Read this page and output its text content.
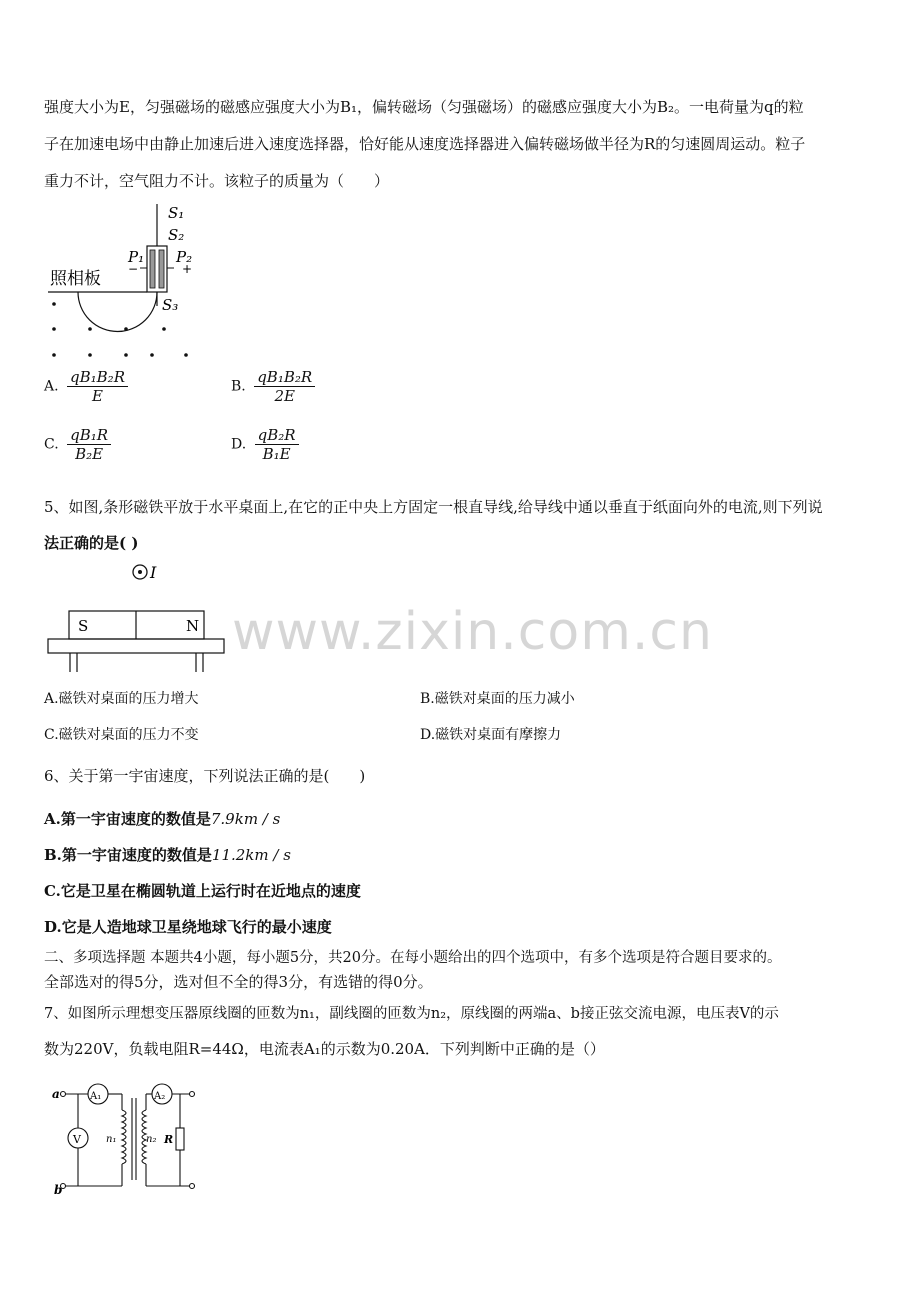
强度大小为E，匀强磁场的磁感应强度大小为B₁，偏转磁场（匀强磁场）的磁感应强度大小为B₂。一电荷量为q的粒
子在加速电场中由静止加速后进入速度选择器，恰好能从速度选择器进入偏转磁场做半径为R的匀速圆周运动。粒子
重力不计，空气阻力不计。该粒子的质量为（　　）
S₁
S₂
S₃
P₁ P₂
−	+
照相板
A. $\frac{\text{qB₁B₂R}}{E}$	B. $\frac{\text{qB₁B₂R}}{2E}$
C. $\frac{\text{qB₁R}}{\text{B₂E}}$	D. $\frac{\text{qB₂R}}{\text{B₁E}}$
5、如图,条形磁铁平放于水平桌面上,在它的正中央上方固定一根直导线,给导线中通以垂直于纸面向外的电流,则下列说
法正确的是( )
I
S	N www.zixin.com.cn
A.磁铁对桌面的压力增大	B.磁铁对桌面的压力减小
C.磁铁对桌面的压力不变	D.磁铁对桌面有摩擦力
6、关于第一宇宙速度，下列说法正确的是(　　)
A.第一宇宙速度的数值是7.9km / s
B.第一宇宙速度的数值是11.2km / s
C.它是卫星在椭圆轨道上运行时在近地点的速度
D.它是人造地球卫星绕地球飞行的最小速度
二、多项选择题 本题共4小题，每小题5分，共20分。在每小题给出的四个选项中，有多个选项是符合题目要求的。
全部选对的得5分，选对但不全的得3分，有选错的得0分。
7、如图所示理想变压器原线圈的匝数为n₁，副线圈的匝数为n₂，原线圈的两端a、b接正弦交流电源，电压表V的示
数为220V，负载电阻R=44Ω，电流表A₁的示数为0.20A．下列判断中正确的是（）
a
b
A₁	A₂
V	n₁	n₂ R
